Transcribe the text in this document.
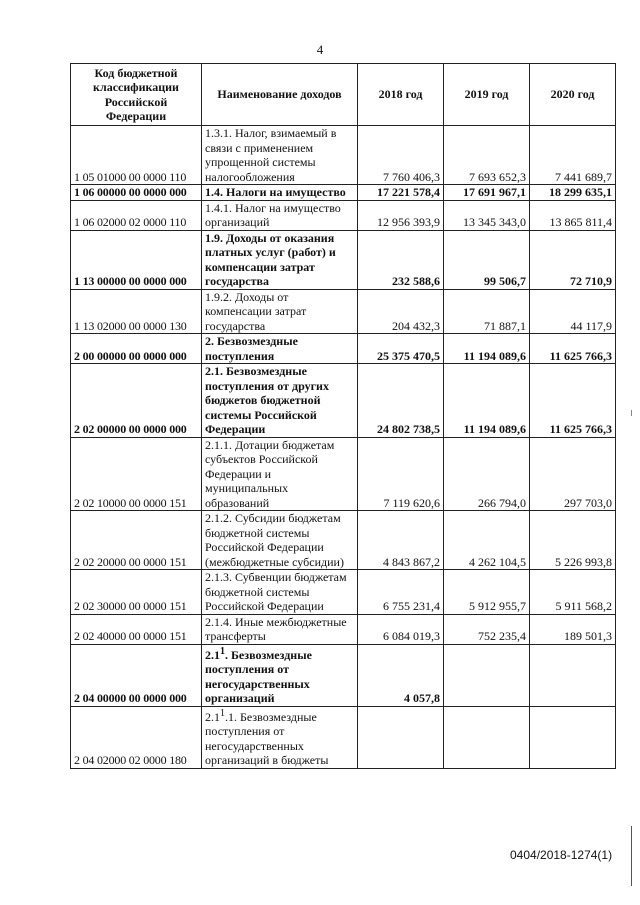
4
Код бюджетной классификации Российской Федерации	Наименование доходов	2018 год	2019 год	2020 год
1 05 01000 00 0000 110	1.3.1. Налог, взимаемый в связи с применением упрощенной системы налогообложения	7 760 406,3	7 693 652,3	7 441 689,7
1 06 00000 00 0000 000	1.4. Налоги на имущество	17 221 578,4	17 691 967,1	18 299 635,1
1 06 02000 02 0000 110	1.4.1. Налог на имущество организаций	12 956 393,9	13 345 343,0	13 865 811,4
1 13 00000 00 0000 000	1.9. Доходы от оказания платных услуг (работ) и компенсации затрат государства	232 588,6	99 506,7	72 710,9
1 13 02000 00 0000 130	1.9.2. Доходы от компенсации затрат государства	204 432,3	71 887,1	44 117,9
2 00 00000 00 0000 000	2. Безвозмездные поступления	25 375 470,5	11 194 089,6	11 625 766,3
2 02 00000 00 0000 000	2.1. Безвозмездные поступления от других бюджетов бюджетной системы Российской Федерации	24 802 738,5	11 194 089,6	11 625 766,3
2 02 10000 00 0000 151	2.1.1. Дотации бюджетам субъектов Российской Федерации и муниципальных образований	7 119 620,6	266 794,0	297 703,0
2 02 20000 00 0000 151	2.1.2. Субсидии бюджетам бюджетной системы Российской Федерации (межбюджетные субсидии)	4 843 867,2	4 262 104,5	5 226 993,8
2 02 30000 00 0000 151	2.1.3. Субвенции бюджетам бюджетной системы Российской Федерации	6 755 231,4	5 912 955,7	5 911 568,2
2 02 40000 00 0000 151	2.1.4. Иные межбюджетные трансферты	6 084 019,3	752 235,4	189 501,3
2 04 00000 00 0000 000	$2.1^1$. Безвозмездные поступления от негосударственных организаций	4 057,8		
2 04 02000 02 0000 180	$2.1^1.1$. Безвозмездные поступления от негосударственных организаций в бюджеты			
0404/2018-1274(1)
